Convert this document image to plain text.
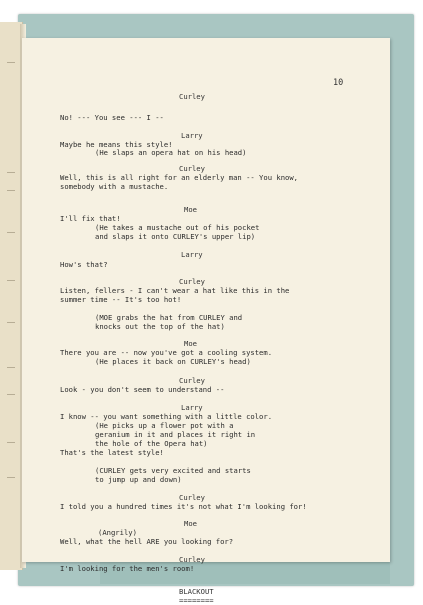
10
Curley
No! --- You see --- I --
Larry
Maybe he means this style!
(He slaps an opera hat on his head)
Curley
Well, this is all right for an elderly man -- You know,
somebody with a mustache.
Moe
I'll fix that!
(He takes a mustache out of his pocket
and slaps it onto CURLEY's upper lip)
Larry
How's that?
Curley
Listen, fellers - I can't wear a hat like this in the
summer time -- It's too hot!
(MOE grabs the hat from CURLEY and
knocks out the top of the hat)
Moe
There you are -- now you've got a cooling system.
(He places it back on CURLEY's head)
Curley
Look - you don't seem to understand --
Larry
I know -- you want something with a little color.
(He picks up a flower pot with a
geranium in it and places it right in
the hole of the Opera hat)
That's the latest style!
(CURLEY gets very excited and starts
to jump up and down)
Curley
I told you a hundred times it's not what I'm looking for!
Moe
(Angrily)
Well, what the hell ARE you looking for?
Curley
I'm looking for the men's room!
BLACKOUT
========
